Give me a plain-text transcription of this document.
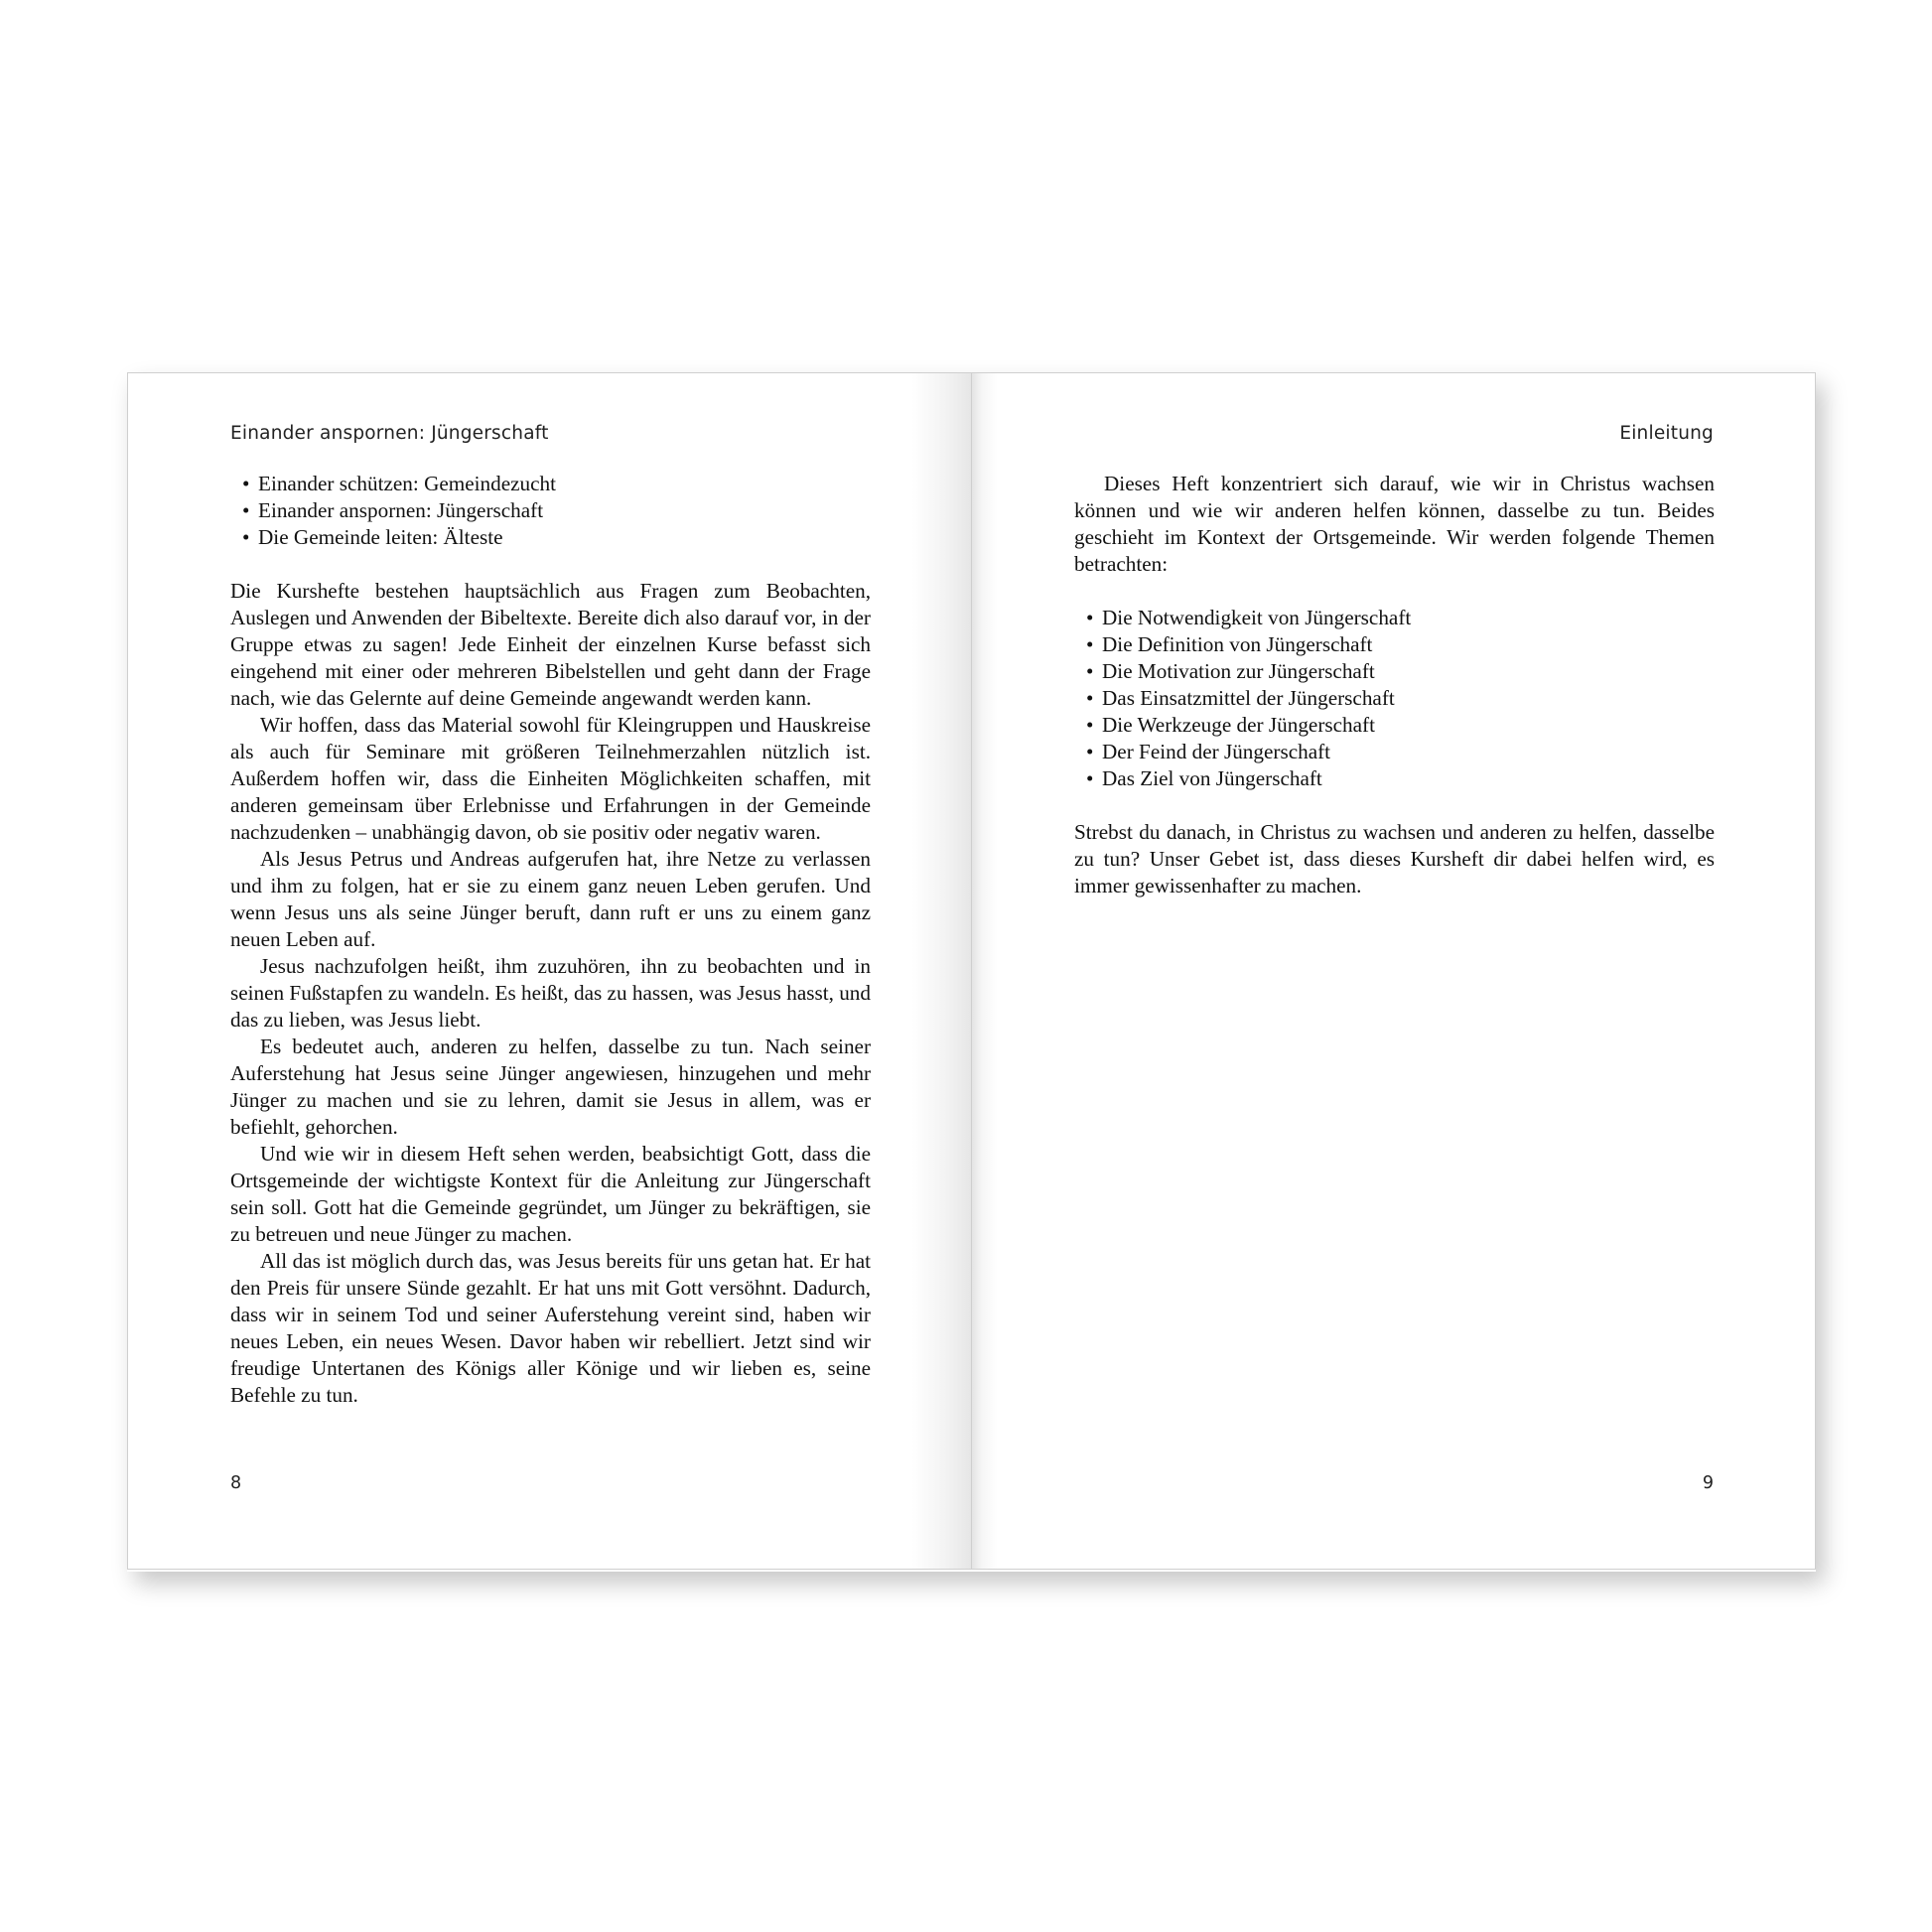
Einander anspornen: Jüngerschaft
• Einander schützen: Gemeindezucht
• Einander anspornen: Jüngerschaft
• Die Gemeinde leiten: Älteste

Die Kurshefte bestehen hauptsächlich aus Fragen zum Beobachten, Auslegen und Anwenden der Bibeltexte. Bereite dich also darauf vor, in der Gruppe etwas zu sagen! Jede Einheit der einzelnen Kurse befasst sich eingehend mit einer oder mehreren Bibelstellen und geht dann der Frage nach, wie das Gelernte auf deine Gemeinde angewandt werden kann.

Wir hoffen, dass das Material sowohl für Kleingruppen und Hauskreise als auch für Seminare mit größeren Teilnehmerzahlen nützlich ist. Außerdem hoffen wir, dass die Einheiten Möglichkeiten schaffen, mit anderen gemeinsam über Erlebnisse und Erfahrungen in der Gemeinde nachzudenken – unabhängig davon, ob sie positiv oder negativ waren.

Als Jesus Petrus und Andreas aufgerufen hat, ihre Netze zu verlassen und ihm zu folgen, hat er sie zu einem ganz neuen Leben gerufen. Und wenn Jesus uns als seine Jünger beruft, dann ruft er uns zu einem ganz neuen Leben auf.

Jesus nachzufolgen heißt, ihm zuzuhören, ihn zu beobachten und in seinen Fußstapfen zu wandeln. Es heißt, das zu hassen, was Jesus hasst, und das zu lieben, was Jesus liebt.

Es bedeutet auch, anderen zu helfen, dasselbe zu tun. Nach seiner Auferstehung hat Jesus seine Jünger angewiesen, hinzugehen und mehr Jünger zu machen und sie zu lehren, damit sie Jesus in allem, was er befiehlt, gehorchen.

Und wie wir in diesem Heft sehen werden, beabsichtigt Gott, dass die Ortsgemeinde der wichtigste Kontext für die Anleitung zur Jüngerschaft sein soll. Gott hat die Gemeinde gegründet, um Jünger zu bekräftigen, sie zu betreuen und neue Jünger zu machen.

All das ist möglich durch das, was Jesus bereits für uns getan hat. Er hat den Preis für unsere Sünde gezahlt. Er hat uns mit Gott versöhnt. Dadurch, dass wir in seinem Tod und seiner Auferstehung vereint sind, haben wir neues Leben, ein neues Wesen. Davor haben wir rebelliert. Jetzt sind wir freudige Untertanen des Königs aller Könige und wir lieben es, seine Befehle zu tun.

8
Einleitung

Dieses Heft konzentriert sich darauf, wie wir in Christus wachsen können und wie wir anderen helfen können, dasselbe zu tun. Beides geschieht im Kontext der Ortsgemeinde. Wir werden folgende Themen betrachten:

• Die Notwendigkeit von Jüngerschaft
• Die Definition von Jüngerschaft
• Die Motivation zur Jüngerschaft
• Das Einsatzmittel der Jüngerschaft
• Die Werkzeuge der Jüngerschaft
• Der Feind der Jüngerschaft
• Das Ziel von Jüngerschaft

Strebst du danach, in Christus zu wachsen und anderen zu helfen, dasselbe zu tun? Unser Gebet ist, dass dieses Kursheft dir dabei helfen wird, es immer gewissenhafter zu machen.

9
